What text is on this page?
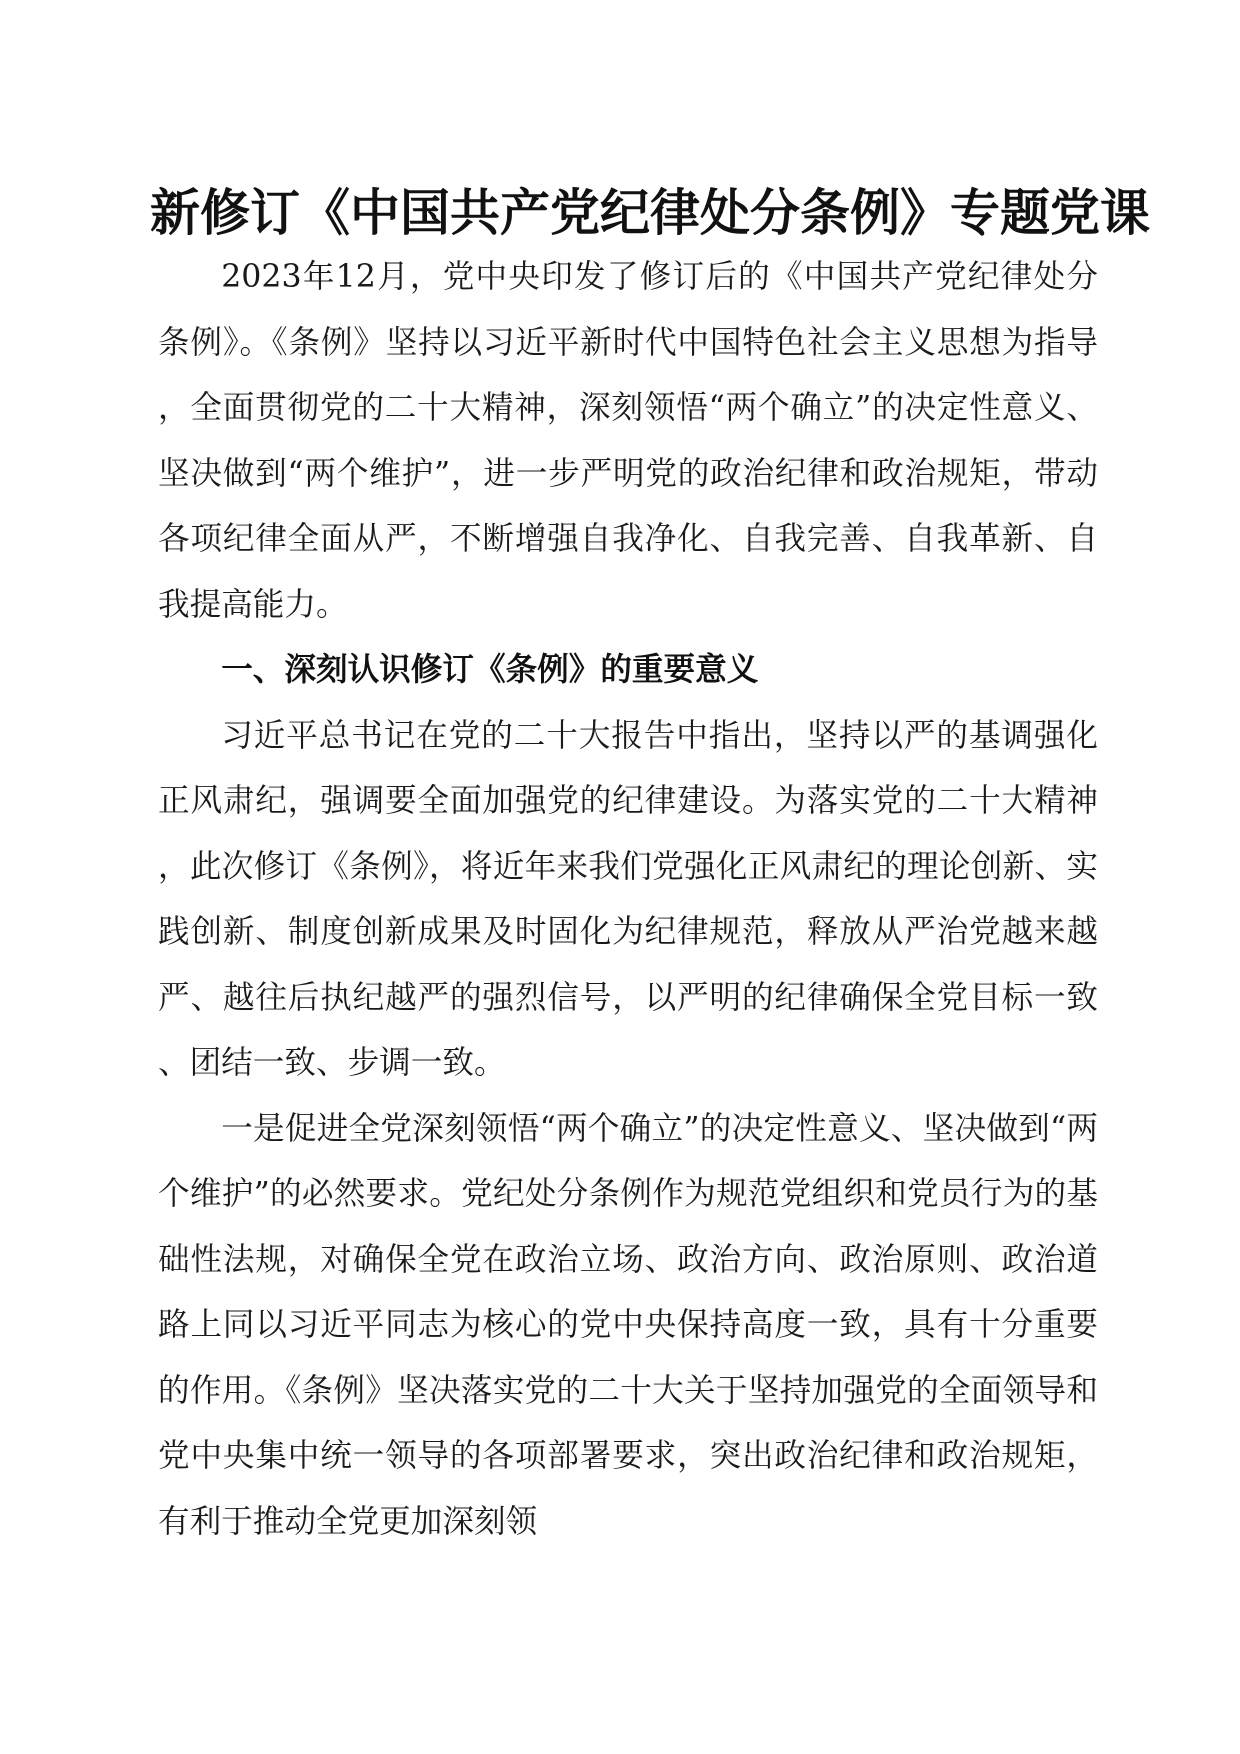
新修订《中国共产党纪律处分条例》专题党课

2023年12月，党中央印发了修订后的《中国共产党纪律处分条例》。《条例》坚持以习近平新时代中国特色社会主义思想为指导，全面贯彻党的二十大精神，深刻领悟“两个确立”的决定性意义、坚决做到“两个维护”，进一步严明党的政治纪律和政治规矩，带动各项纪律全面从严，不断增强自我净化、自我完善、自我革新、自我提高能力。

一、深刻认识修订《条例》的重要意义

习近平总书记在党的二十大报告中指出，坚持以严的基调强化正风肃纪，强调要全面加强党的纪律建设。为落实党的二十大精神，此次修订《条例》，将近年来我们党强化正风肃纪的理论创新、实践创新、制度创新成果及时固化为纪律规范，释放从严治党越来越严、越往后执纪越严的强烈信号，以严明的纪律确保全党目标一致、团结一致、步调一致。

一是促进全党深刻领悟“两个确立”的决定性意义、坚决做到“两个维护”的必然要求。党纪处分条例作为规范党组织和党员行为的基础性法规，对确保全党在政治立场、政治方向、政治原则、政治道路上同以习近平同志为核心的党中央保持高度一致，具有十分重要的作用。《条例》坚决落实党的二十大关于坚持加强党的全面领导和党中央集中统一领导的各项部署要求，突出政治纪律和政治规矩，有利于推动全党更加深刻领
